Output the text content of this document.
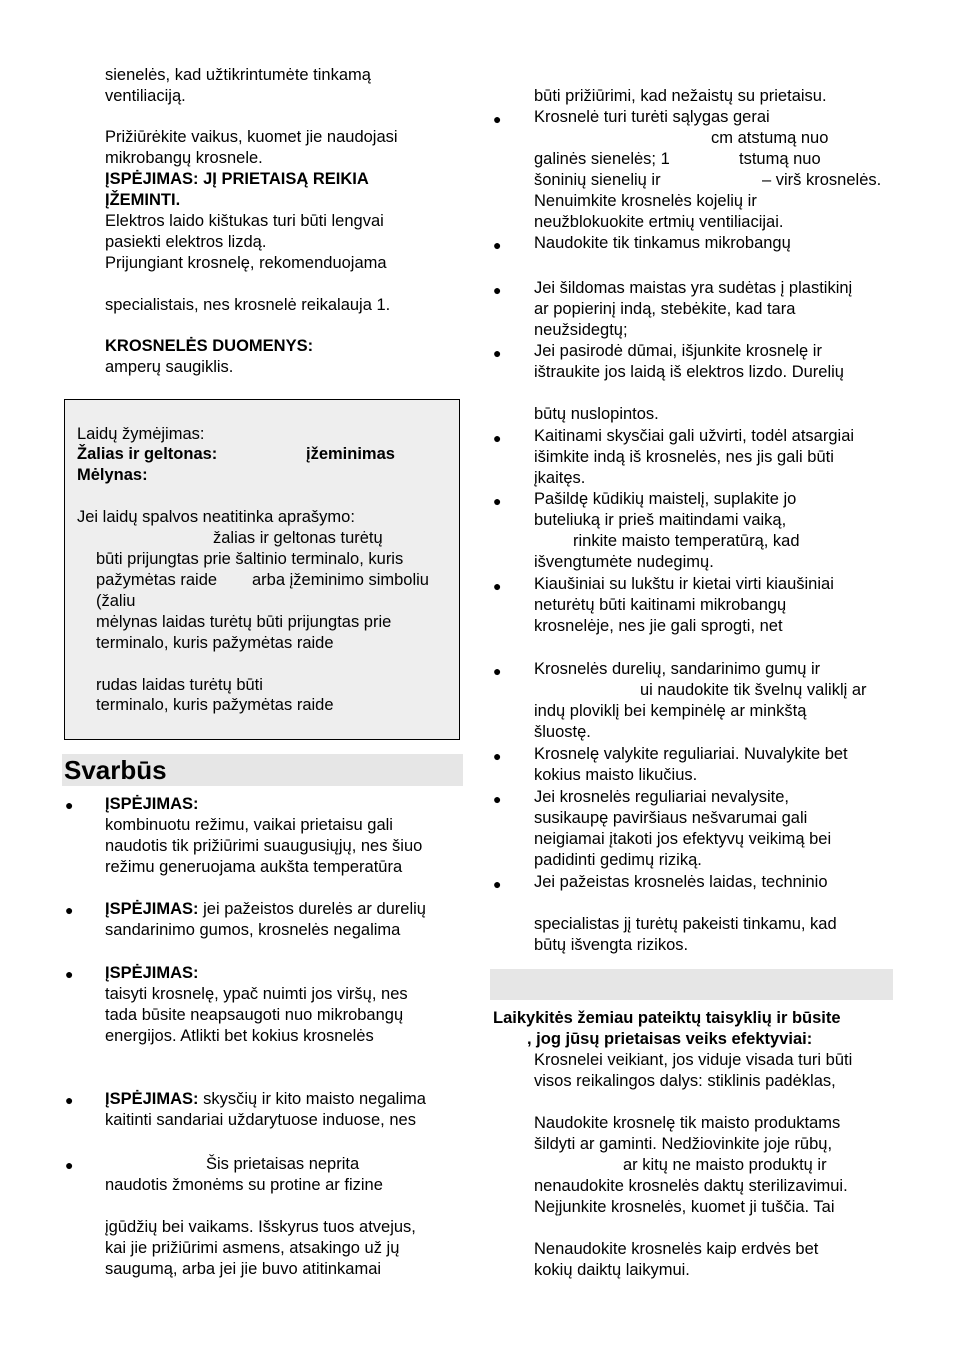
sienelės, kad užtikrintumėte tinkamą
ventiliaciją.
Prižiūrėkite vaikus, kuomet jie naudojasi
mikrobangų krosnele.
ĮSPĖJIMAS: JĮ PRIETAISĄ REIKIA
ĮŽEMINTI.
Elektros laido kištukas turi būti lengvai
pasiekti elektros lizdą.
Prijungiant krosnelę, rekomenduojama
specialistais, nes krosnelė reikalauja 1.
KROSNELĖS DUOMENYS:
amperų saugiklis.
Laidų žymėjimas:
Žalias ir geltonas:	įžeminimas
Mėlynas:
Jei laidų spalvos neatitinka aprašymo:
žalias ir geltonas turėtų
būti prijungtas prie šaltinio terminalo, kuris
pažymėtas raide arba įžeminimo simboliu
(žaliu
mėlynas laidas turėtų būti prijungtas prie
terminalo, kuris pažymėtas raide
rudas laidas turėtų būti
terminalo, kuris pažymėtas raide
Svarbūs
● ĮSPĖJIMAS:
kombinuotu režimu, vaikai prietaisu gali
naudotis tik prižiūrimi suaugusiųjų, nes šiuo
režimu generuojama aukšta temperatūra
● ĮSPĖJIMAS: jei pažeistos durelės ar durelių
sandarinimo gumos, krosnelės negalima
● ĮSPĖJIMAS:
taisyti krosnelę, ypač nuimti jos viršų, nes
tada būsite neapsaugoti nuo mikrobangų
energijos. Atlikti bet kokius krosnelės
● ĮSPĖJIMAS: skysčių ir kito maisto negalima
kaitinti sandariai uždarytuose induose, nes
●	Šis prietaisas neprita
naudotis žmonėms su protine ar fizine
įgūdžių bei vaikams. Išskyrus tuos atvejus,
kai jie prižiūrimi asmens, atsakingo už jų
saugumą, arba jei jie buvo atitinkamai
būti prižiūrimi, kad nežaistų su prietaisu.
● Krosnelė turi turėti sąlygas gerai
cm atstumą nuo
galinės sienelės; 1	tstumą nuo
šoninių sienelių ir	– virš krosnelės.
Nenuimkite krosnelės kojelių ir
neužblokuokite ertmių ventiliacijai.
● Naudokite tik tinkamus mikrobangų
● Jei šildomas maistas yra sudėtas į plastikinį
ar popierinį indą, stebėkite, kad tara
neužsidegtų;
● Jei pasirodė dūmai, išjunkite krosnelę ir
ištraukite jos laidą iš elektros lizdo. Durelių
būtų nuslopintos.
● Kaitinami skysčiai gali užvirti, todėl atsargiai
išimkite indą iš krosnelės, nes jis gali būti
įkaitęs.
● Pašildę kūdikių maistelį, suplakite jo
buteliuką ir prieš maitindami vaiką,
rinkite maisto temperatūrą, kad
išvengtumėte nudegimų.
● Kiaušiniai su lukštu ir kietai virti kiaušiniai
neturėtų būti kaitinami mikrobangų
krosnelėje, nes jie gali sprogti, net
● Krosnelės durelių, sandarinimo gumų ir
ui naudokite tik švelnų valiklį ar
indų ploviklį bei kempinėlę ar minkštą
šluostę.
● Krosnelę valykite reguliariai. Nuvalykite bet
kokius maisto likučius.
● Jei krosnelės reguliariai nevalysite,
susikaupę paviršiaus nešvarumai gali
neigiamai įtakoti jos efektyvų veikimą bei
padidinti gedimų riziką.
● Jei pažeistas krosnelės laidas, techninio
specialistas jį turėtų pakeisti tinkamu, kad
būtų išvengta rizikos.
Laikykitės žemiau pateiktų taisyklių ir būsite
, jog jūsų prietaisas veiks efektyviai:
Krosnelei veikiant, jos viduje visada turi būti
visos reikalingos dalys: stiklinis padėklas,
Naudokite krosnelę tik maisto produktams
šildyti ar gaminti. Nedžiovinkite joje rūbų,
ar kitų ne maisto produktų ir
nenaudokite krosnelės daktų sterilizavimui.
Neįjunkite krosnelės, kuomet ji tuščia. Tai
Nenaudokite krosnelės kaip erdvės bet
kokių daiktų laikymui.
